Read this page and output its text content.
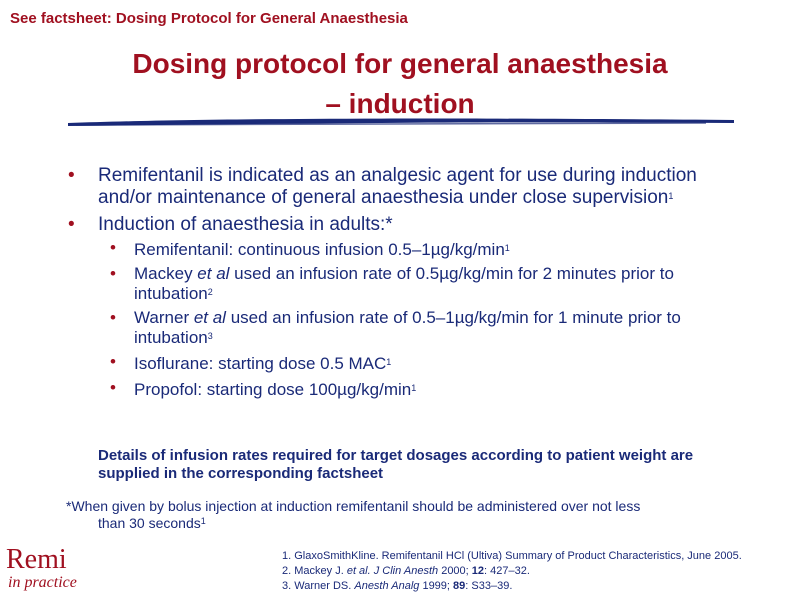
See factsheet: Dosing Protocol for General Anaesthesia
Dosing protocol for general anaesthesia
– induction
• Remifentanil is indicated as an analgesic agent for use during induction and/or maintenance of general anaesthesia under close supervision$^1$
• Induction of anaesthesia in adults:*
• Remifentanil: continuous infusion $0.5-1\mu g/kg/\min^1$
• Mackey et al used an infusion rate of 0.5µg/kg/min for 2 minutes prior to intubation$^2$
• Warner et al used an infusion rate of 0.5–1µg/kg/min for 1 minute prior to intubation$^3$
• Isoflurane: starting dose 0.5 MAC$^1$
• Propofol: starting dose $100\mu g/kg/\min^1$
Details of infusion rates required for target dosages according to patient weight are supplied in the corresponding factsheet
*When given by bolus injection at induction remifentanil should be administered over not less
than 30 seconds$^1$
Remi
in practice
1. GlaxoSmithKline. Remifentanil HCl (Ultiva) Summary of Product Characteristics, June 2005.
2. Mackey J. et al. J Clin Anesth 2000; 12: 427–32.
3. Warner DS. Anesth Analg 1999; 89: S33–39.
